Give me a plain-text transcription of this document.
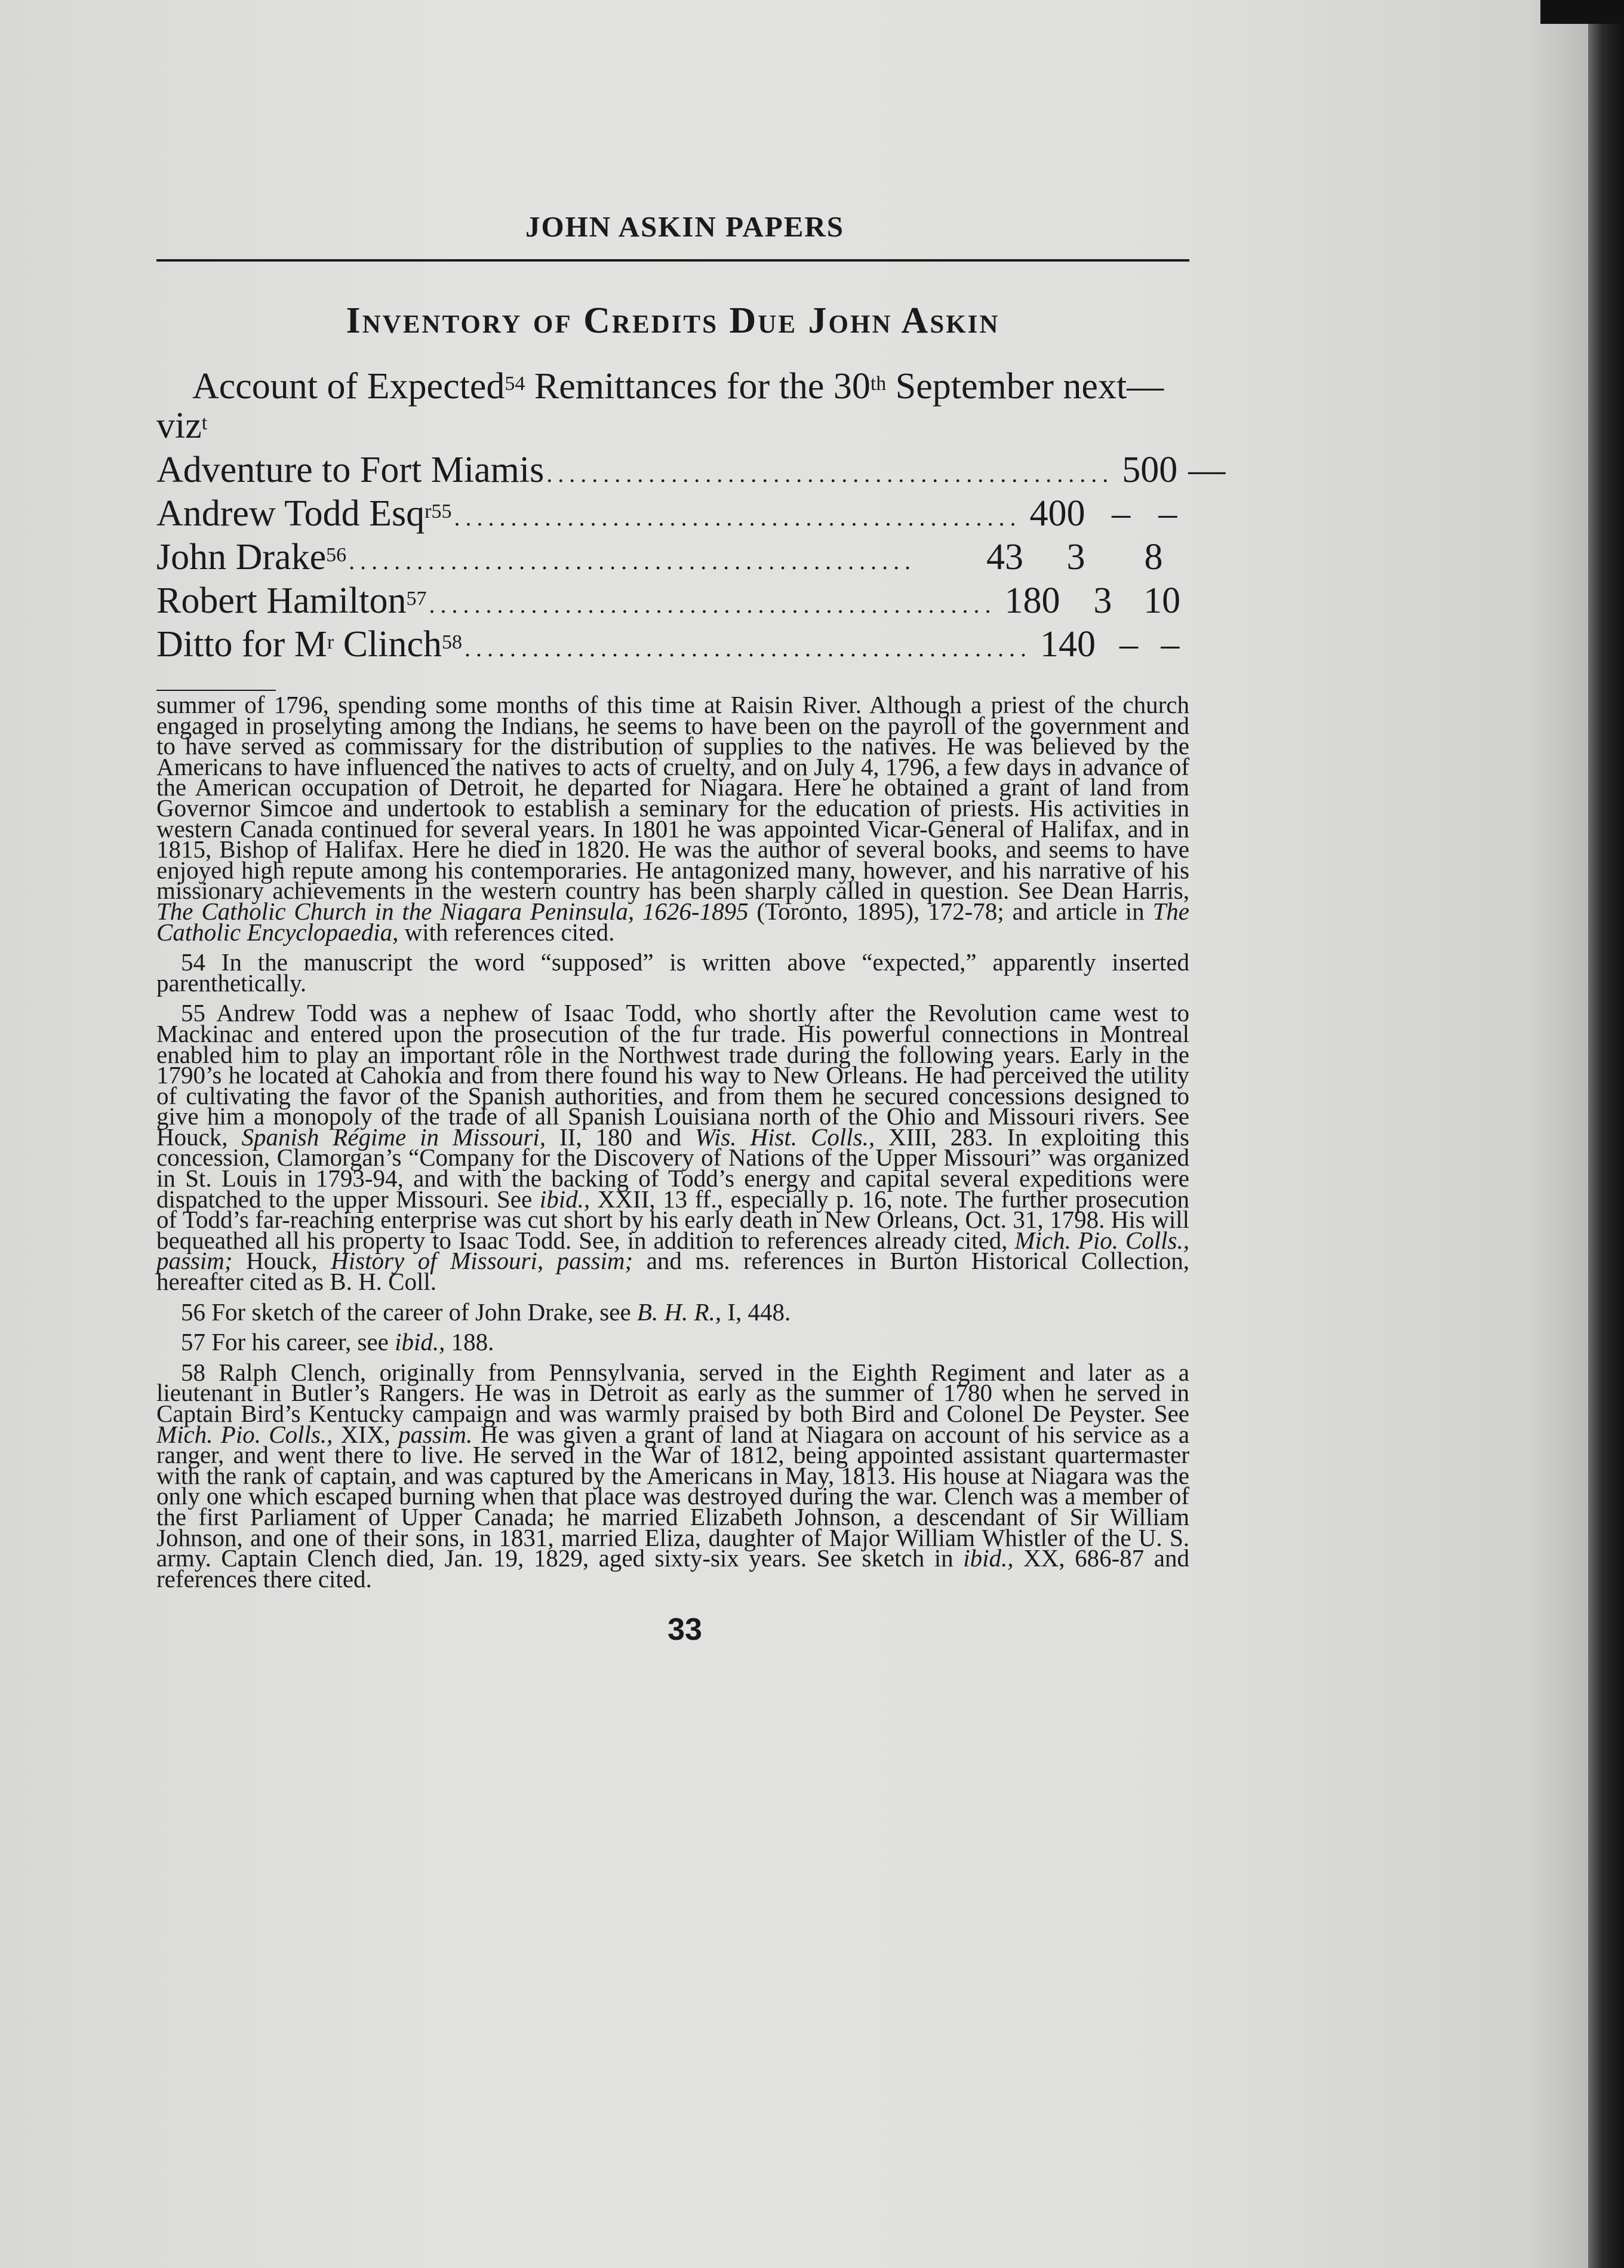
JOHN ASKIN PAPERS
Inventory of Credits Due John Askin

Account of Expected$^{54}$ Remittances for the 30th September next—viz$^t$

Adventure to Fort Miamis .................................................. 500 – –
Andrew Todd Esq$^{r55}$ .................................................. 400 – –
John Drake$^{56}$ ..................................................	43	3	8
Robert Hamilton$^{57}$ .................................................. 180 3 10
Ditto for $M^r$ Clinch$^{58}$ .................................................. 140 – –

summer of 1796, spending some months of this time at Raisin River. Although a priest of the church engaged in proselyting among the Indians, he seems to have been on the payroll of the government and to have served as commissary for the distribution of supplies to the natives. He was believed by the Americans to have influenced the natives to acts of cruelty, and on July 4, 1796, a few days in advance of the American occupation of Detroit, he departed for Niagara. Here he obtained a grant of land from Governor Simcoe and undertook to establish a seminary for the education of priests. His activities in western Canada continued for several years. In 1801 he was appointed Vicar-General of Halifax, and in 1815, Bishop of Halifax. Here he died in 1820. He was the author of several books, and seems to have enjoyed high repute among his contemporaries. He antagonized many, however, and his narrative of his missionary achievements in the western country has been sharply called in question. See Dean Harris, The Catholic Church in the Niagara Peninsula, 1626-1895 (Toronto, 1895), 172-78; and article in The Catholic Encyclopaedia, with references cited.

 54 In the manuscript the word “supposed” is written above “expected,” apparently inserted parenthetically.

 55 Andrew Todd was a nephew of Isaac Todd, who shortly after the Revolution came west to Mackinac and entered upon the prosecution of the fur trade. His powerful connections in Montreal enabled him to play an important rôle in the Northwest trade during the following years. Early in the 1790’s he located at Cahokia and from there found his way to New Orleans. He had perceived the utility of cultivating the favor of the Spanish authorities, and from them he secured concessions designed to give him a monopoly of the trade of all Spanish Louisiana north of the Ohio and Missouri rivers. See Houck, Spanish Régime in Missouri, II, 180 and Wis. Hist. Colls., XIII, 283. In exploiting this concession, Clamorgan’s “Company for the Discovery of Nations of the Upper Missouri” was organized in St. Louis in 1793-94, and with the backing of Todd’s energy and capital several expeditions were dispatched to the upper Missouri. See ibid., XXII, 13 ff., especially p. 16, note. The further prosecution of Todd’s far-reaching enterprise was cut short by his early death in New Orleans, Oct. 31, 1798. His will bequeathed all his property to Isaac Todd. See, in addition to references already cited, Mich. Pio. Colls., passim; Houck, History of Missouri, passim; and ms. references in Burton Historical Collection, hereafter cited as B. H. Coll.

 56 For sketch of the career of John Drake, see B. H. R., I, 448.

 57 For his career, see ibid., 188.

 58 Ralph Clench, originally from Pennsylvania, served in the Eighth Regiment and later as a lieutenant in Butler’s Rangers. He was in Detroit as early as the summer of 1780 when he served in Captain Bird’s Kentucky campaign and was warmly praised by both Bird and Colonel De Peyster. See Mich. Pio. Colls., XIX, passim. He was given a grant of land at Niagara on account of his service as a ranger, and went there to live. He served in the War of 1812, being appointed assistant quartermaster with the rank of captain, and was captured by the Americans in May, 1813. His house at Niagara was the only one which escaped burning when that place was destroyed during the war. Clench was a member of the first Parliament of Upper Canada; he married Elizabeth Johnson, a descendant of Sir William Johnson, and one of their sons, in 1831, married Eliza, daughter of Major William Whistler of the U. S. army. Captain Clench died, Jan. 19, 1829, aged sixty-six years. See sketch in ibid., XX, 686-87 and references there cited.

33
